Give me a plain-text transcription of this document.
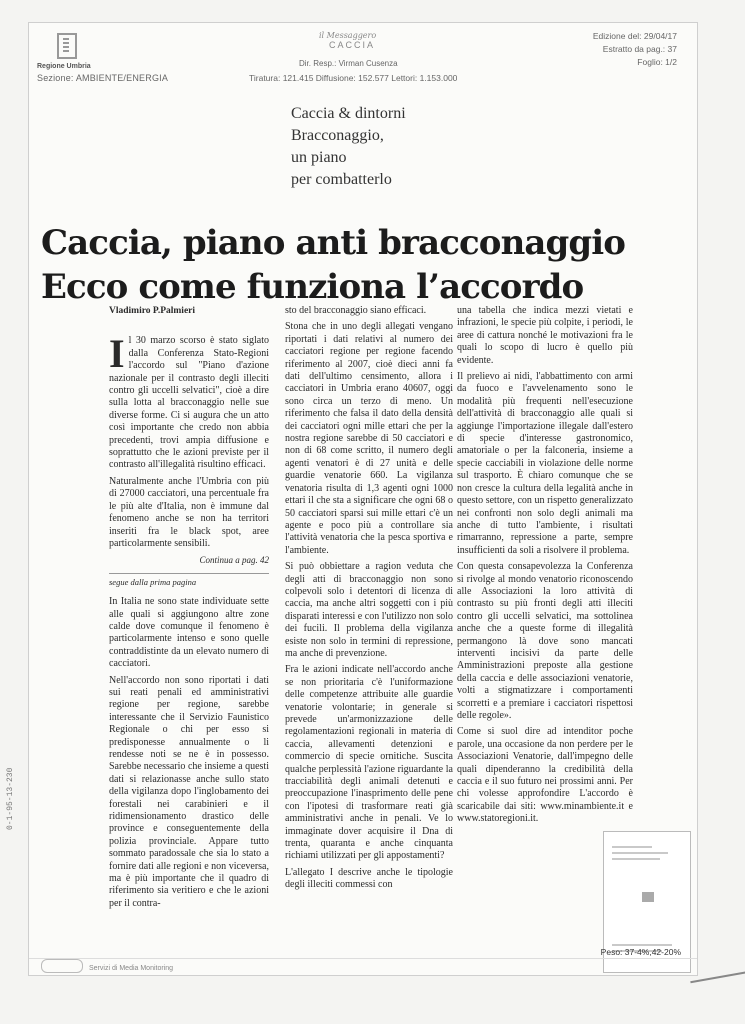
Regione Umbria
Sezione: AMBIENTE/ENERGIA
il Messaggero
CACCIA
Dir. Resp.: Virman Cusenza
Tiratura: 121.415 Diffusione: 152.577 Lettori: 1.153.000
Edizione del: 29/04/17
Estratto da pag.: 37
Foglio: 1/2
Caccia & dintorni
Bracconaggio,
un piano
per combatterlo
Caccia, piano anti bracconaggio
Ecco come funziona l’accordo
Vladimiro P.Palmieri

Il 30 marzo scorso è stato siglato dalla Conferenza Stato-Regioni l'accordo sul "Piano d'azione nazionale per il contrasto degli illeciti contro gli uccelli selvatici", cioè a dire sulla lotta al bracconaggio nelle sue diverse forme. Ci si augura che un atto così importante che credo non abbia precedenti, trovi ampia diffusione e soprattutto che le azioni previste per il contrasto all'illegalità risultino efficaci.

Naturalmente anche l'Umbria con più di 27000 cacciatori, una percentuale fra le più alte d'Italia, non è immune dal fenomeno anche se non ha territori inseriti fra le black spot, aree particolarmente sensibili.

Continua a pag. 42
segue dalla prima pagina

In Italia ne sono state individuate sette alle quali si aggiungono altre zone calde dove comunque il fenomeno è particolarmente intenso e sono quelle contraddistinte da un elevato numero di cacciatori.

Nell'accordo non sono riportati i dati sui reati penali ed amministrativi regione per regione, sarebbe interessante che il Servizio Faunistico Regionale o chi per esso si predisponesse annualmente o li rendesse noti se ne è in possesso. Sarebbe necessario che insieme a questi dati si relazionasse anche sullo stato della vigilanza dopo l'inglobamento dei forestali nei carabinieri e il ridimensionamento drastico delle province e conseguentemente della polizia provinciale. Appare tutto sommato paradossale che sia lo stato a fornire dati alle regioni e non viceversa, ma è più importante che il quadro di riferimento sia veritiero e che le azioni per il contra-

sto del bracconaggio siano efficaci.

Stona che in uno degli allegati vengano riportati i dati relativi al numero dei cacciatori regione per regione facendo riferimento al 2007, cioè dieci anni fa dati dell'ultimo censimento, allora i cacciatori in Umbria erano 40607, oggi sono circa un terzo di meno. Un riferimento che falsa il dato della densità dei cacciatori ogni mille ettari che per la nostra regione sarebbe di 50 cacciatori e non di 68 come scritto, il numero degli agenti venatori è di 27 unità e delle guardie venatorie 660. La vigilanza venatoria risulta di 1,3 agenti ogni 1000 ettari il che sta a significare che ogni 68 o 50 cacciatori sparsi sui mille ettari c'è un agente e poco più a controllare sia l'attività venatoria che la pesca sportiva e l'ambiente.

Si può obbiettare a ragion veduta che degli atti di bracconaggio non sono colpevoli solo i detentori di licenza di caccia, ma anche altri soggetti con i più disparati interessi e con l'utilizzo non solo dei fucili. Il problema della vigilanza esiste non solo in termini di repressione, ma anche di prevenzione.

Fra le azioni indicate nell'accordo anche se non prioritaria c'è l'uniformazione delle competenze attribuite alle guardie venatorie volontarie; in generale si prevede un'armonizzazione delle regolamentazioni regionali in materia di caccia, allevamenti detenzioni e commercio di specie ornitiche. Suscita qualche perplessità l'azione riguardante la tracciabilità degli animali detenuti e preoccupazione l'inasprimento delle pene con l'ipotesi di trasformare reati già amministrativi anche in penali. Ve lo immaginate dover acquisire il Dna di trenta, quaranta e anche cinquanta richiami utilizzati per gli appostamenti?

L'allegato I descrive anche le tipologie degli illeciti commessi con

una tabella che indica mezzi vietati e infrazioni, le specie più colpite, i periodi, le aree di cattura nonché le motivazioni fra le quali lo scopo di lucro è quello più evidente.

Il prelievo ai nidi, l'abbattimento con armi da fuoco e l'avvelenamento sono le modalità più frequenti nell'esecuzione dell'attività di bracconaggio alle quali si aggiunge l'importazione illegale dall'estero di specie d'interesse gastronomico, amatoriale o per la falconeria, insieme a specie cacciabili in violazione delle norme sul trasporto. È chiaro comunque che se non cresce la cultura della legalità anche in questo settore, con un rispetto generalizzato nei confronti non solo degli animali ma anche di tutto l'ambiente, i risultati rimarranno, repressione a parte, sempre insufficienti da soli a risolvere il problema.

Con questa consapevolezza la Conferenza si rivolge al mondo venatorio riconoscendo alle Associazioni la loro attività di contrasto su più fronti degli atti illeciti contro gli uccelli selvatici, ma sottolinea anche che a queste forme di illegalità permangono là dove sono mancati interventi incisivi da parte delle Amministrazioni preposte alla gestione della caccia e delle associazioni venatorie, volti a stigmatizzare i comportamenti scorretti e a premiare i cacciatori rispettosi delle regole».

Come si suol dire ad intenditor poche parole, una occasione da non perdere per le Associazioni Venatorie, dall'impegno delle quali dipenderanno la credibilità della caccia e il suo futuro nei prossimi anni. Per chi volesse approfondire L'accordo è scaricabile dai siti: www.minambiente.it e www.statoregioni.it.

Peso: 37-4%,42-20%
Servizi di Media Monitoring
0-1-95-13-230
